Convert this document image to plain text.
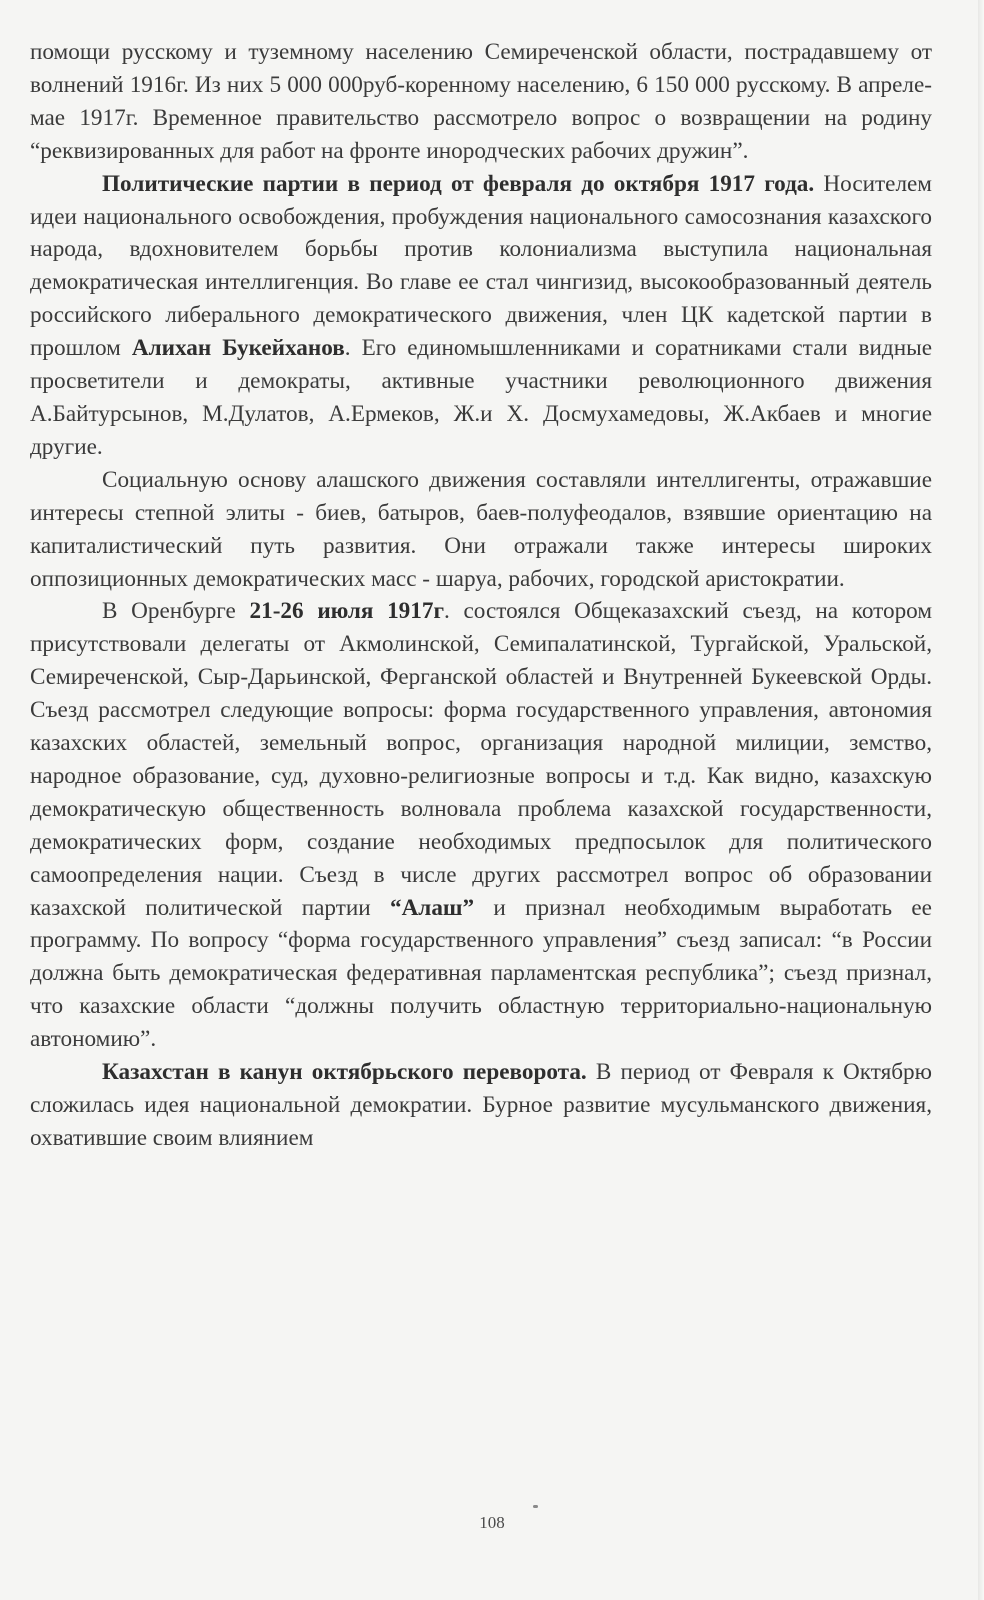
помощи русскому и туземному населению Семиреченской области, пострадавшему от волнений 1916г. Из них 5 000 000руб-коренному населению, 6 150 000 русскому. В апреле-мае 1917г. Временное правительство рассмотрело вопрос о возвращении на родину “реквизированных для работ на фронте инородческих рабочих дружин”.

Политические партии в период от февраля до октября 1917 года. Носителем идеи национального освобождения, пробуждения национального самосознания казахского народа, вдохновителем борьбы против колониализма выступила национальная демократическая интеллигенция. Во главе ее стал чингизид, высокообразованный деятель российского либерального демократического движения, член ЦК кадетской партии в прошлом Алихан Букейханов. Его единомышленниками и соратниками стали видные просветители и демократы, активные участники революционного движения А.Байтурсынов, М.Дулатов, А.Ермеков, Ж.и Х. Досмухамедовы, Ж.Акбаев и многие другие.

Социальную основу алашского движения составляли интеллигенты, отражавшие интересы степной элиты - биев, батыров, баев-полуфеодалов, взявшие ориентацию на капиталистический путь развития. Они отражали также интересы широких оппозиционных демократических масс - шаруа, рабочих, городской аристократии.

В Оренбурге 21-26 июля 1917г. состоялся Общеказахский съезд, на котором присутствовали делегаты от Акмолинской, Семипалатинской, Тургайской, Уральской, Семиреченской, Сыр-Дарьинской, Ферганской областей и Внутренней Букеевской Орды. Съезд рассмотрел следующие вопросы: форма государственного управления, автономия казахских областей, земельный вопрос, организация народной милиции, земство, народное образование, суд, духовно-религиозные вопросы и т.д. Как видно, казахскую демократическую общественность волновала проблема казахской государственности, демократических форм, создание необходимых предпосылок для политического самоопределения нации. Съезд в числе других рассмотрел вопрос об образовании казахской политической партии “Алаш” и признал необходимым выработать ее программу. По вопросу “форма государственного управления” съезд записал: “в России должна быть демократическая федеративная парламентская республика”; съезд признал, что казахские области “должны получить областную территориально-национальную автономию”.

Казахстан в канун октябрьского переворота. В период от Февраля к Октябрю сложилась идея национальной демократии. Бурное развитие мусульманского движения, охватившие своим влиянием

108
